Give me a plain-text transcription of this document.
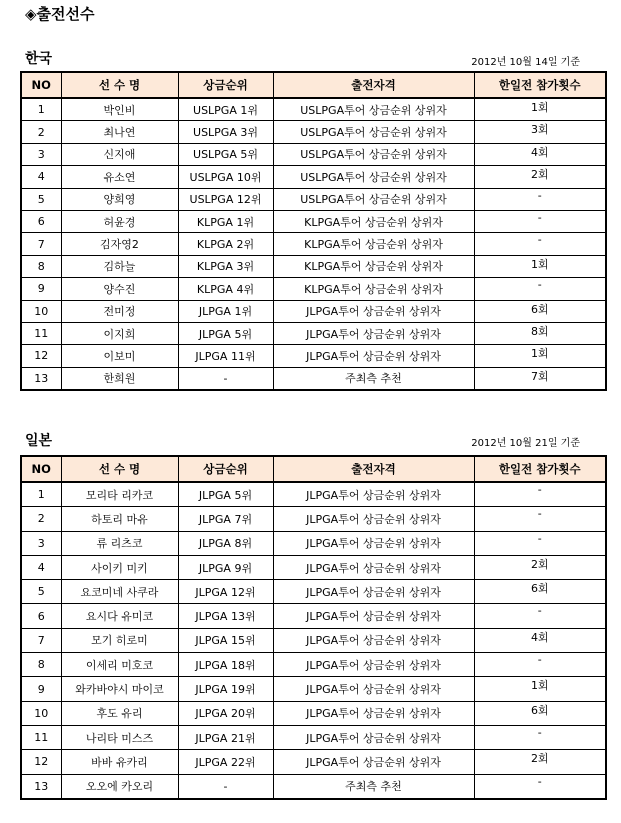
◈출전선수
한국	2012년 10월 14일 기준
NO	선 수 명	상금순위	출전자격	한일전 참가횟수
1	박인비	USLPGA 1위	USLPGA투어 상금순위 상위자	1회
2	최나연	USLPGA 3위	USLPGA투어 상금순위 상위자	3회
3	신지애	USLPGA 5위	USLPGA투어 상금순위 상위자	4회
4	유소연	USLPGA 10위	USLPGA투어 상금순위 상위자	2회
5	양희영	USLPGA 12위	USLPGA투어 상금순위 상위자	-
6	허윤경	KLPGA 1위	KLPGA투어 상금순위 상위자	-
7	김자영2	KLPGA 2위	KLPGA투어 상금순위 상위자	-
8	김하늘	KLPGA 3위	KLPGA투어 상금순위 상위자	1회
9	양수진	KLPGA 4위	KLPGA투어 상금순위 상위자	-
10	전미정	JLPGA 1위	JLPGA투어 상금순위 상위자	6회
11	이지희	JLPGA 5위	JLPGA투어 상금순위 상위자	8회
12	이보미	JLPGA 11위	JLPGA투어 상금순위 상위자	1회
13	한희원	-	주최측 추천	7회
일본	2012년 10월 21일 기준
NO	선 수 명	상금순위	출전자격	한일전 참가횟수
1	모리타 리카코	JLPGA 5위	JLPGA투어 상금순위 상위자	-
2	하토리 마유	JLPGA 7위	JLPGA투어 상금순위 상위자	-
3	류 리츠코	JLPGA 8위	JLPGA투어 상금순위 상위자	-
4	사이키 미키	JLPGA 9위	JLPGA투어 상금순위 상위자	2회
5	요코미네 사쿠라	JLPGA 12위	JLPGA투어 상금순위 상위자	6회
6	요시다 유미코	JLPGA 13위	JLPGA투어 상금순위 상위자	-
7	모기 히로미	JLPGA 15위	JLPGA투어 상금순위 상위자	4회
8	이세리 미호코	JLPGA 18위	JLPGA투어 상금순위 상위자	-
9	와카바야시 마이코	JLPGA 19위	JLPGA투어 상금순위 상위자	1회
10	후도 유리	JLPGA 20위	JLPGA투어 상금순위 상위자	6회
11	나리타 미스즈	JLPGA 21위	JLPGA투어 상금순위 상위자	-
12	바바 유카리	JLPGA 22위	JLPGA투어 상금순위 상위자	2회
13	오오에 카오리	-	주최측 추천	-
